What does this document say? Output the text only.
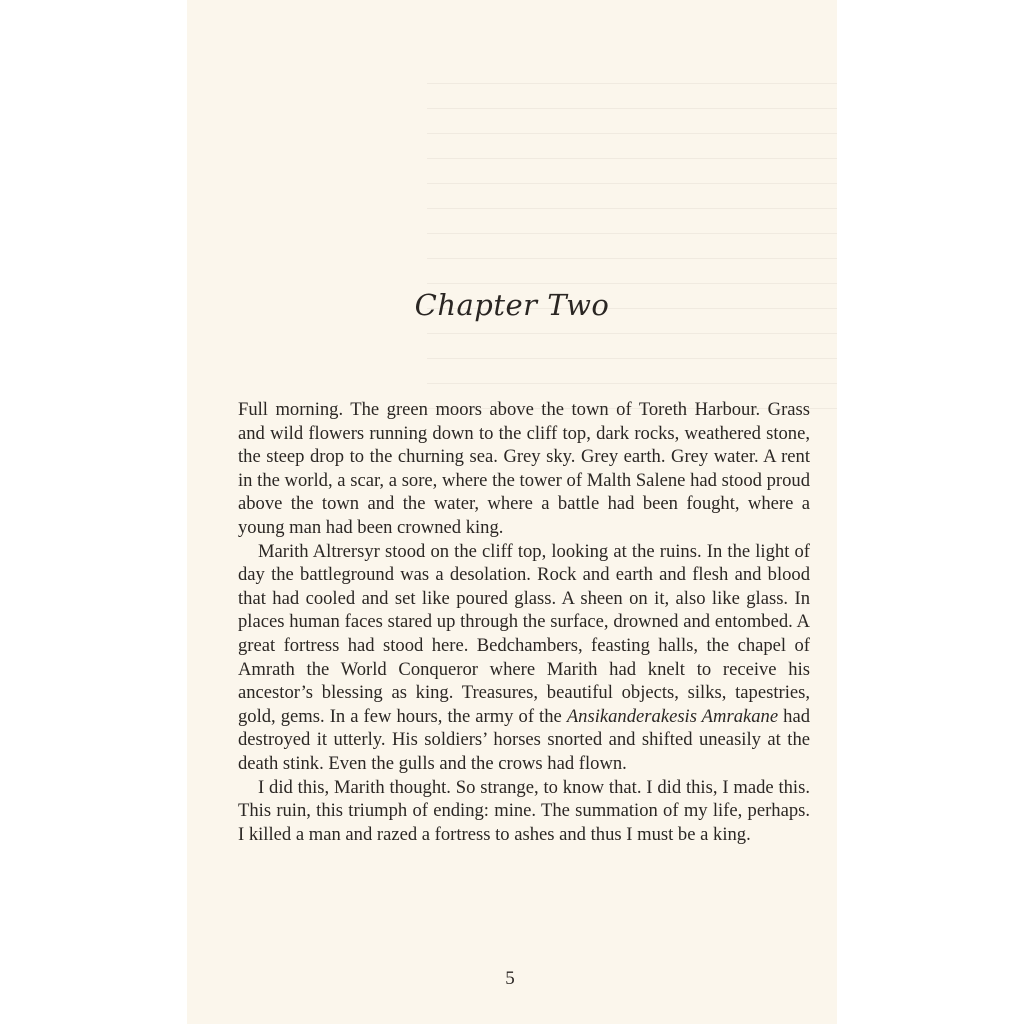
Chapter Two

Full morning. The green moors above the town of Toreth Harbour. Grass and wild flowers running down to the cliff top, dark rocks, weathered stone, the steep drop to the churning sea. Grey sky. Grey earth. Grey water. A rent in the world, a scar, a sore, where the tower of Malth Salene had stood proud above the town and the water, where a battle had been fought, where a young man had been crowned king.

Marith Altrersyr stood on the cliff top, looking at the ruins. In the light of day the battleground was a desolation. Rock and earth and flesh and blood that had cooled and set like poured glass. A sheen on it, also like glass. In places human faces stared up through the surface, drowned and entombed. A great fortress had stood here. Bedchambers, feasting halls, the chapel of Amrath the World Conqueror where Marith had knelt to receive his ancestor’s blessing as king. Treasures, beautiful objects, silks, tapestries, gold, gems. In a few hours, the army of the Ansikanderakesis Amrakane had destroyed it utterly. His soldiers’ horses snorted and shifted uneasily at the death stink. Even the gulls and the crows had flown.

I did this, Marith thought. So strange, to know that. I did this, I made this. This ruin, this triumph of ending: mine. The summation of my life, perhaps. I killed a man and razed a fortress to ashes and thus I must be a king.

5
